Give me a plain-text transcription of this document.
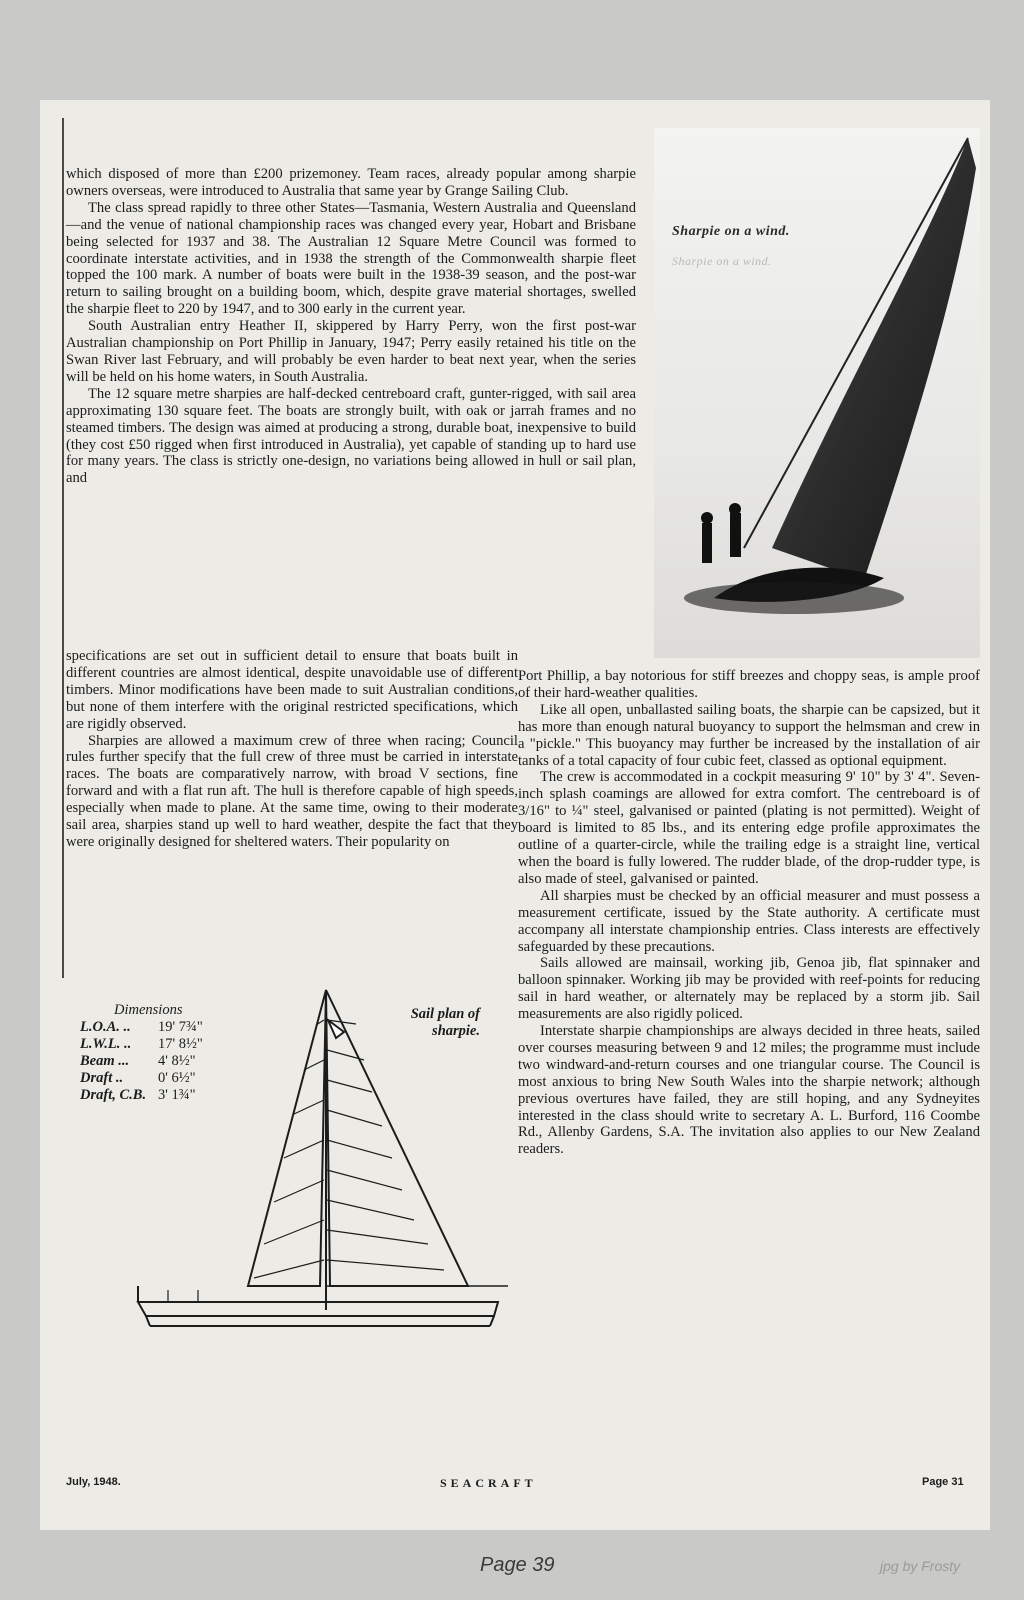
which disposed of more than £200 prizemoney. Team races, already popular among sharpie owners overseas, were introduced to Australia that same year by Grange Sailing Club.

The class spread rapidly to three other States—Tasmania, Western Australia and Queensland—and the venue of national championship races was changed every year, Hobart and Brisbane being selected for 1937 and 38. The Australian 12 Square Metre Council was formed to coordinate interstate activities, and in 1938 the strength of the Commonwealth sharpie fleet topped the 100 mark. A number of boats were built in the 1938-39 season, and the post-war return to sailing brought on a building boom, which, despite grave material shortages, swelled the sharpie fleet to 220 by 1947, and to 300 early in the current year.

South Australian entry Heather II, skippered by Harry Perry, won the first post-war Australian championship on Port Phillip in January, 1947; Perry easily retained his title on the Swan River last February, and will probably be even harder to beat next year, when the series will be held on his home waters, in South Australia.

The 12 square metre sharpies are half-decked centreboard craft, gunter-rigged, with sail area approximating 130 square feet. The boats are strongly built, with oak or jarrah frames and no steamed timbers. The design was aimed at producing a strong, durable boat, inexpensive to build (they cost £50 rigged when first introduced in Australia), yet capable of standing up to hard use for many years. The class is strictly one-design, no variations being allowed in hull or sail plan, and

Sharpie on a wind.
Sharpie on a wind.

specifications are set out in sufficient detail to ensure that boats built in different countries are almost identical, despite unavoidable use of different timbers. Minor modifications have been made to suit Australian conditions, but none of them interfere with the original restricted specifications, which are rigidly observed.

Sharpies are allowed a maximum crew of three when racing; Council rules further specify that the full crew of three must be carried in interstate races. The boats are comparatively narrow, with broad V sections, fine forward and with a flat run aft. The hull is therefore capable of high speeds, especially when made to plane. At the same time, owing to their moderate sail area, sharpies stand up well to hard weather, despite the fact that they were originally designed for sheltered waters. Their popularity on

Port Phillip, a bay notorious for stiff breezes and choppy seas, is ample proof of their hard-weather qualities.

Like all open, unballasted sailing boats, the sharpie can be capsized, but it has more than enough natural buoyancy to support the helmsman and crew in a "pickle." This buoyancy may further be increased by the installation of air tanks of a total capacity of four cubic feet, classed as optional equipment.

The crew is accommodated in a cockpit measuring 9' 10" by 3' 4". Seven-inch splash coamings are allowed for extra comfort. The centreboard is of 3/16" to ¼" steel, galvanised or painted (plating is not permitted). Weight of board is limited to 85 lbs., and its entering edge profile approximates the outline of a quarter-circle, while the trailing edge is a straight line, vertical when the board is fully lowered. The rudder blade, of the drop-rudder type, is also made of steel, galvanised or painted.

All sharpies must be checked by an official measurer and must possess a measurement certificate, issued by the State authority. A certificate must accompany all interstate championship entries. Class interests are effectively safeguarded by these precautions.

Sails allowed are mainsail, working jib, Genoa jib, flat spinnaker and balloon spinnaker. Working jib may be provided with reef-points for reducing sail in hard weather, or alternately may be replaced by a storm jib. Sail measurements are also rigidly policed.

Interstate sharpie championships are always decided in three heats, sailed over courses measuring between 9 and 12 miles; the programme must include two windward-and-return courses and one triangular course. The Council is most anxious to bring New South Wales into the sharpie network; although previous overtures have failed, they are still hoping, and any Sydneyites interested in the class should write to secretary A. L. Burford, 116 Coombe Rd., Allenby Gardens, S.A. The invitation also applies to our New Zealand readers.

Dimensions
L.O.A. ..	19' 7¾"
L.W.L. ..	17' 8½"
Beam ...	4' 8½"
Draft ..	0' 6½"
Draft, C.B. 3' 1¾"
Sail plan of
sharpie.
July, 1948.	SEACRAFT	Page 31
Page 39	jpg by Frosty
